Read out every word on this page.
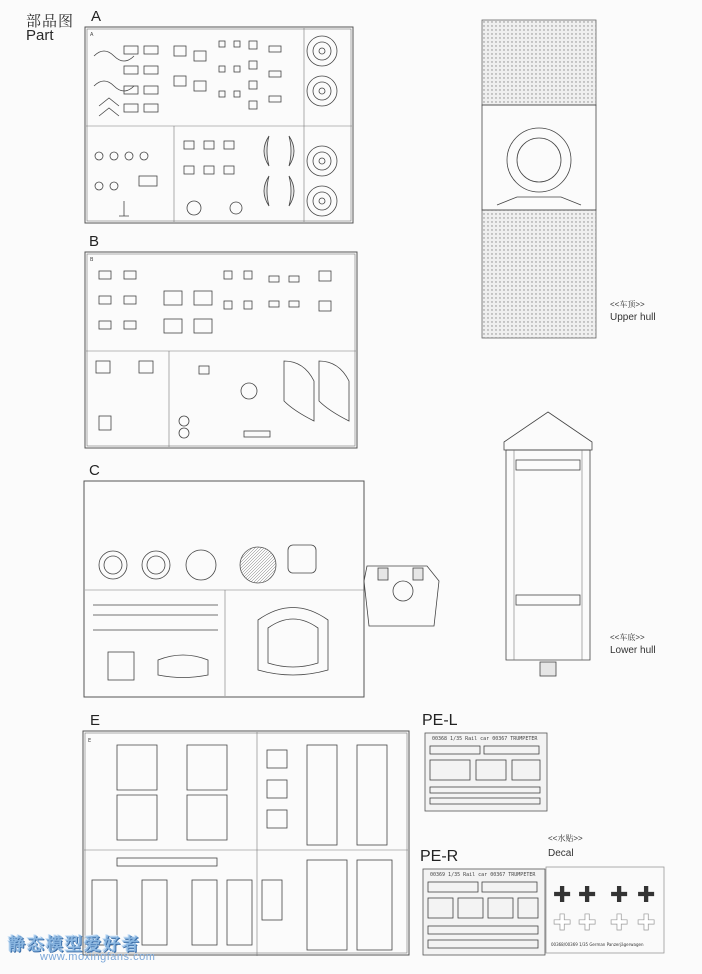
部品图
Part
A
B
C
E	PE-L
PE-R
A
B
<<车顶>>
Upper hull
<<车底>>
Lower hull
E	00368 1/35 Rail car 00367 TRUMPETER
00369 1/35 Rail car 00367 TRUMPETER
<<水贴>>
Decal
✚ ✚ ✚ ✚
✚ ✚ ✚ ✚
00368/00369 1/35 German Panzerjägerwagen
静态模型爱好者
www.moxingfans.com
